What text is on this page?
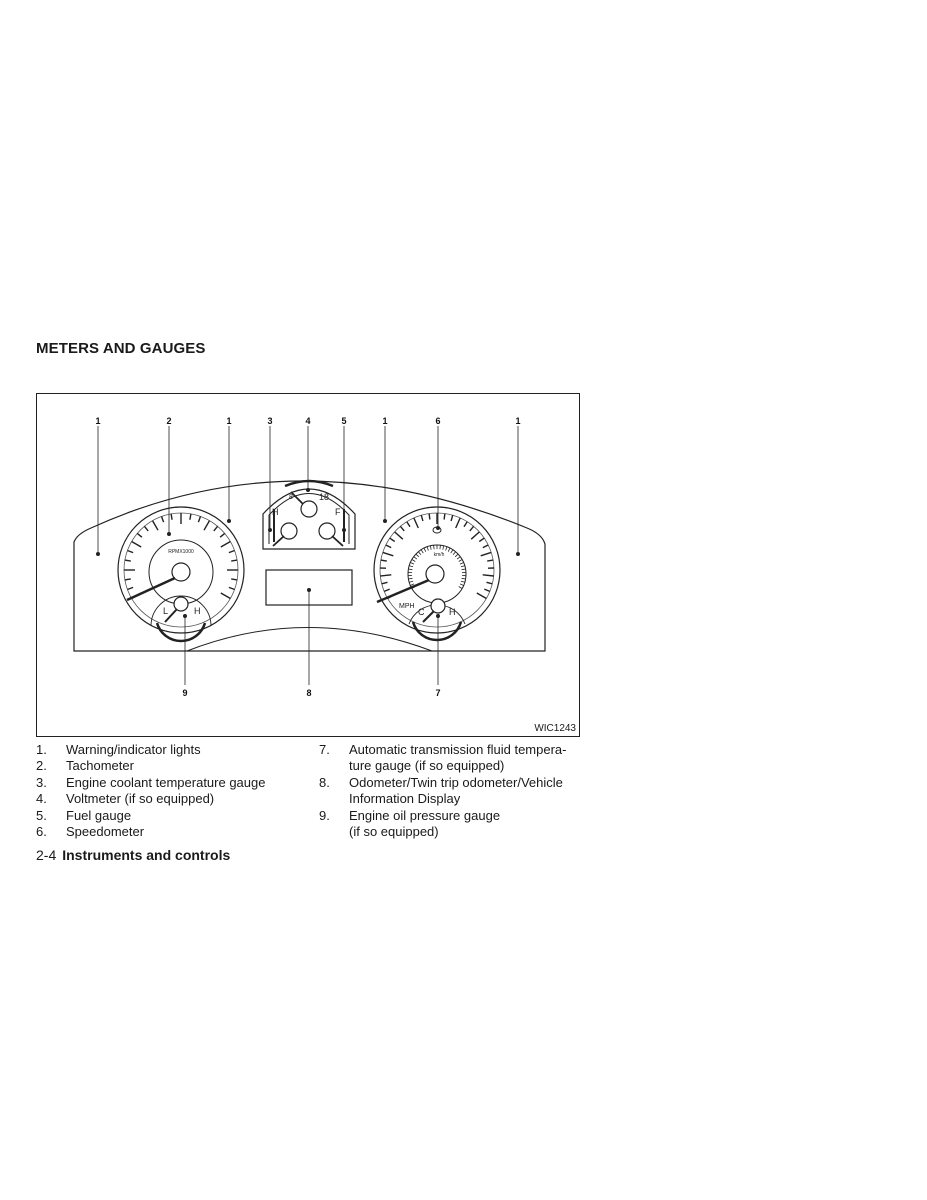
METERS AND GAUGES
RPMX1000
L	H
8	18
H	F
km/h
MPH
C	H
1	2	1	3	4	5	1	6	1
9	8	7
WIC1243
1.	Warning/indicator lights
2.	Tachometer
3.	Engine coolant temperature gauge
4.	Voltmeter (if so equipped)
5.	Fuel gauge
6.	Speedometer
7.	Automatic transmission fluid tempera-
ture gauge (if so equipped)
8.	Odometer/Twin trip odometer/Vehicle
Information Display
9.	Engine oil pressure gauge
(if so equipped)
2-4 Instruments and controls
